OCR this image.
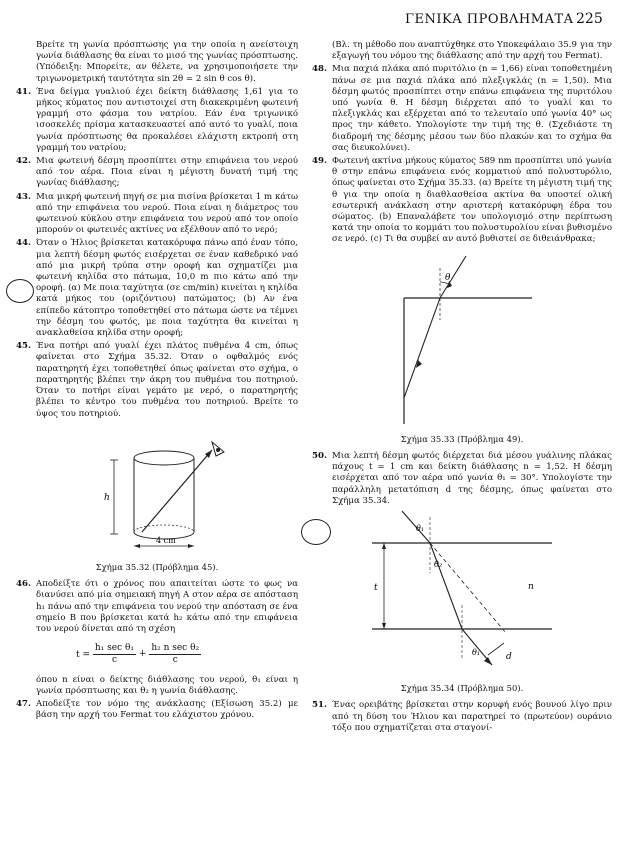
ΓΕΝΙΚΑ ΠΡΟΒΛΗΜΑΤΑ 225
Βρείτε τη γωνία πρόσπτωσης για την οποία η ανείστοιχη γωνία διάθλασης θα είναι το μισό της γωνίας πρόσπτωσης. (Υπόδειξη: Μπορείτε, αν θέλετε, να χρησιμοποιήσετε την τριγωνομετρική ταυτότητα sin 2θ = 2 sin θ cos θ).
41. Ένα δείγμα γυαλιού έχει δείκτη διάθλασης 1,61 για το μήκος κύματος που αντιστοιχεί στη διακεκριμένη φωτεινή γραμμή στο φάσμα του νατρίου. Εάν ένα τριγωνικό ισοσκελές πρίσμα κατασκευαστεί από αυτό το γυαλί, ποια γωνία πρόσπτωσης θα προκαλέσει ελάχιστη εκτροπή στη γραμμή του νατρίου;
42. Μια φωτεινή δέσμη προσπίπτει στην επιφάνεια του νερού από τον αέρα. Ποια είναι η μέγιστη δυνατή τιμή της γωνίας διάθλασης;
43. Μια μικρή φωτεινή πηγή σε μια πισίνα βρίσκεται 1 m κάτω από την επιφάνεια του νερού. Ποια είναι η διάμετρος του φωτεινού κύκλου στην επιφάνεια του νερού από τον οποίο μπορούν οι φωτεινές ακτίνες να εξέλθουν από το νερό;
44. Όταν ο Ήλιος βρίσκεται κατακόρυφα πάνω από έναν τόπο, μια λεπτή δέσμη φωτός εισέρχεται σε έναν καθεδρικό ναό από μια μικρή τρύπα στην οροφή και σχηματίζει μια φωτεινή κηλίδα στο πάτωμα, 10,0 m πιο κάτω από την οροφή. (α) Με ποια ταχύτητα (σε cm/min) κινείται η κηλίδα κατά μήκος του (οριζόντιου) πατώματος; (b) Αν ένα επίπεδο κάτοπτρο τοποθετηθεί στο πάτωμα ώστε να τέμνει την δέσμη του φωτός, με ποια ταχύτητα θα κινείται η ανακλαθείσα κηλίδα στην οροφή;
45. Ένα ποτήρι από γυαλί έχει πλάτος πυθμένα 4 cm, όπως φαίνεται στο Σχήμα 35.32. Όταν ο οφθαλμός ενός παρατηρητή έχει τοποθετηθεί όπως φαίνεται στο σχήμα, ο παρατηρητής βλέπει την άκρη του πυθμένα του ποτηριού. Όταν το ποτήρι είναι γεμάτο με νερό, ο παρατηρητής βλέπει το κέντρο του πυθμένα του ποτηριού. Βρείτε το ύψος του ποτηριού.
h
4 cm
Σχήμα 35.32 (Πρόβλημα 45).
46. Αποδείξτε ότι ο χρόνος που απαιτείται ώστε το φως να διανύσει από μία σημειακή πηγή A στον αέρα σε απόσταση h₁ πάνω από την επιφάνεια του νερού την απόσταση σε ένα σημείο B που βρίσκεται κατά h₂ κάτω από την επιφάνεια του νερού δίνεται από τη σχέση
t =
h₁ sec θ₁
c
+
h₂ n sec θ₂
c
όπου n είναι ο δείκτης διάθλασης του νερού, θ₁ είναι η γωνία πρόσπτωσης και θ₂ η γωνία διάθλασης.
47. Αποδείξτε τον νόμο της ανάκλασης (Εξίσωση 35.2) με βάση την αρχή του Fermat του ελάχιστου χρόνου.
(Βλ. τη μέθοδο που αναπτύχθηκε στο Υποκεφάλαιο 35.9 για την εξαγωγή του νόμου της διάθλασης από την αρχή του Fermat).
48. Μια παχιά πλάκα από πυριτόλιο (n = 1,66) είναι τοποθετημένη πάνω σε μια παχιά πλάκα από πλεξιγκλάς (n = 1,50). Μια δέσμη φωτός προσπίπτει στην επάνω επιφάνεια της πυριτόλου υπό γωνία θ. Η δέσμη διέρχεται από το γυαλί και το πλεξιγκλάς και εξέρχεται από το τελευταίο υπό γωνία 40° ως προς την κάθετο. Υπολογίστε την τιμή της θ. (Σχεδιάστε τη διαδρομή της δέσμης μέσου των δύο πλακών και το σχήμα θα σας διευκολύνει).
49. Φωτεινή ακτίνα μήκους κύματος 589 nm προσπίπτει υπό γωνία θ στην επάνω επιφάνεια ενός κομματιού από πολυστυρόλιο, όπως φαίνεται στο Σχήμα 35.33. (α) Βρείτε τη μέγιστη τιμή της θ για την οποία η διαθλασθείσα ακτίνα θα υποστεί ολική εσωτερική ανάκλαση στην αριστερή κατακόρυφη έδρα του σώματος. (b) Επαναλάβετε τον υπολογισμό στην περίπτωση κατά την οποία το κομμάτι του πολυστυρολίου είναι βυθισμένο σε νερό. (c) Τι θα συμβεί αν αυτό βυθιστεί σε διθειάνθρακα;
θ
Σχήμα 35.33 (Πρόβλημα 49).
50. Μια λεπτή δέσμη φωτός διέρχεται διά μέσου γυάλινης πλάκας πάχους t = 1 cm και δείκτη διάθλασης n = 1,52. Η δέσμη εισέρχεται από τον αέρα υπό γωνία θ₁ = 30°. Υπολογίστε την παράλληλη μετατόπιση d της δέσμης, όπως φαίνεται στο Σχήμα 35.34.
t
d
θ₁
θ₂
θ₁
n
Σχήμα 35.34 (Πρόβλημα 50).
51. Ένας ορειβάτης βρίσκεται στην κορυφή ενός βουνού λίγο πριν από τη δύση του Ήλιου και παρατηρεί το (πρωτεύον) ουράνιο τόξο που σχηματίζεται στα σταγονί-
